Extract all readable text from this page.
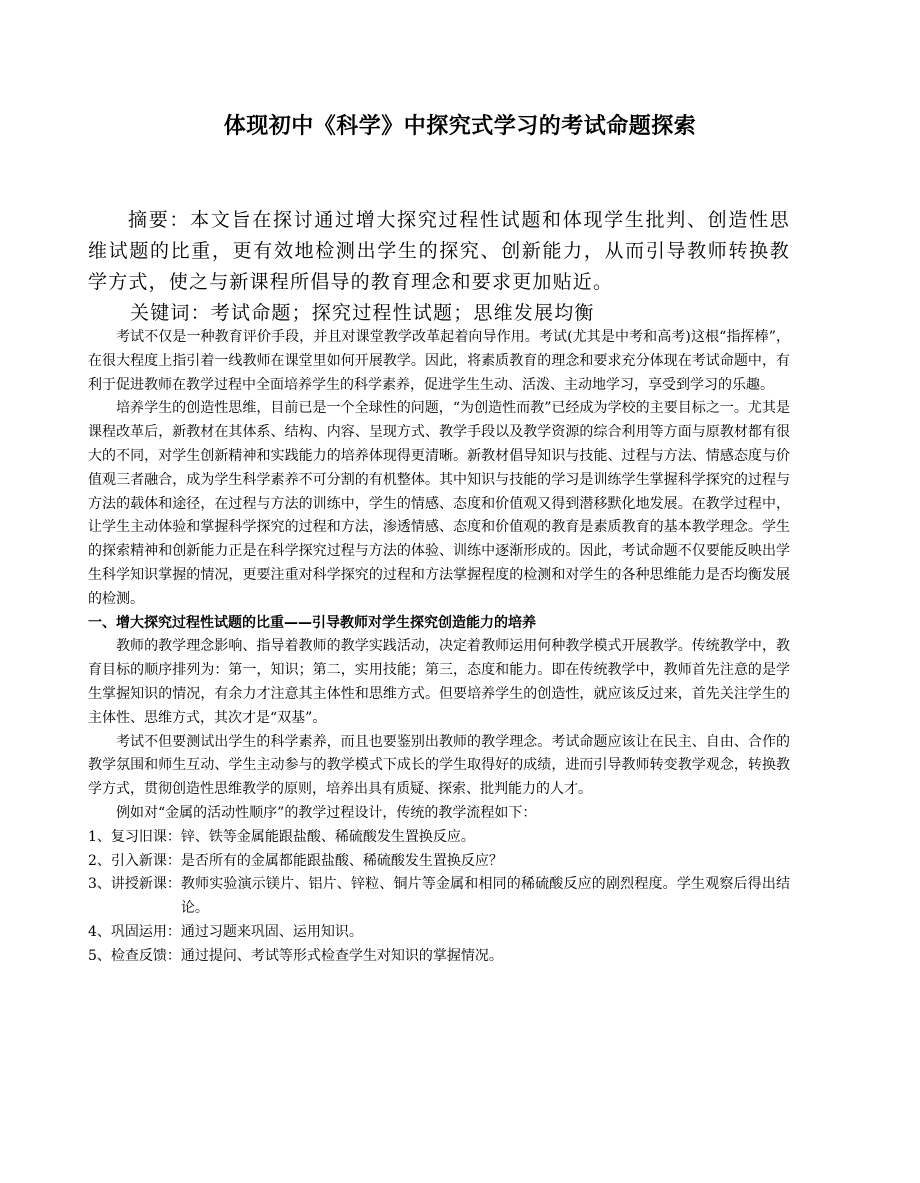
体现初中《科学》中探究式学习的考试命题探索

摘要：本文旨在探讨通过增大探究过程性试题和体现学生批判、创造性思维试题的比重，更有效地检测出学生的探究、创新能力，从而引导教师转换教学方式，使之与新课程所倡导的教育理念和要求更加贴近。

关键词：考试命题；探究过程性试题；思维发展均衡

考试不仅是一种教育评价手段，并且对课堂教学改革起着向导作用。考试(尤其是中考和高考)这根“指挥棒”，在很大程度上指引着一线教师在课堂里如何开展教学。因此，将素质教育的理念和要求充分体现在考试命题中，有利于促进教师在教学过程中全面培养学生的科学素养，促进学生生动、活泼、主动地学习，享受到学习的乐趣。

培养学生的创造性思维，目前已是一个全球性的问题，“为创造性而教”已经成为学校的主要目标之一。尤其是课程改革后，新教材在其体系、结构、内容、呈现方式、教学手段以及教学资源的综合利用等方面与原教材都有很大的不同，对学生创新精神和实践能力的培养体现得更清晰。新教材倡导知识与技能、过程与方法、情感态度与价值观三者融合，成为学生科学素养不可分割的有机整体。其中知识与技能的学习是训练学生掌握科学探究的过程与方法的载体和途径，在过程与方法的训练中，学生的情感、态度和价值观又得到潜移默化地发展。在教学过程中，让学生主动体验和掌握科学探究的过程和方法，渗透情感、态度和价值观的教育是素质教育的基本教学理念。学生的探索精神和创新能力正是在科学探究过程与方法的体验、训练中逐渐形成的。因此，考试命题不仅要能反映出学生科学知识掌握的情况，更要注重对科学探究的过程和方法掌握程度的检测和对学生的各种思维能力是否均衡发展的检测。

一、增大探究过程性试题的比重——引导教师对学生探究创造能力的培养

教师的教学理念影响、指导着教师的教学实践活动，决定着教师运用何种教学模式开展教学。传统教学中，教育目标的顺序排列为：第一，知识；第二，实用技能；第三，态度和能力。即在传统教学中，教师首先注意的是学生掌握知识的情况，有余力才注意其主体性和思维方式。但要培养学生的创造性，就应该反过来，首先关注学生的主体性、思维方式，其次才是“双基”。

考试不但要测试出学生的科学素养，而且也要鉴别出教师的教学理念。考试命题应该让在民主、自由、合作的教学氛围和师生互动、学生主动参与的教学模式下成长的学生取得好的成绩，进而引导教师转变教学观念，转换教学方式，贯彻创造性思维教学的原则，培养出具有质疑、探索、批判能力的人才。

例如对“金属的活动性顺序”的教学过程设计，传统的教学流程如下：

1、复习旧课： 锌、铁等金属能跟盐酸、稀硫酸发生置换反应。
2、引入新课： 是否所有的金属都能跟盐酸、稀硫酸发生置换反应？
3、讲授新课： 教师实验演示镁片、铝片、锌粒、铜片等金属和相同的稀硫酸反应的剧烈程度。学生观察后得出结论。
4、巩固运用： 通过习题来巩固、运用知识。
5、检查反馈： 通过提问、考试等形式检查学生对知识的掌握情况。
